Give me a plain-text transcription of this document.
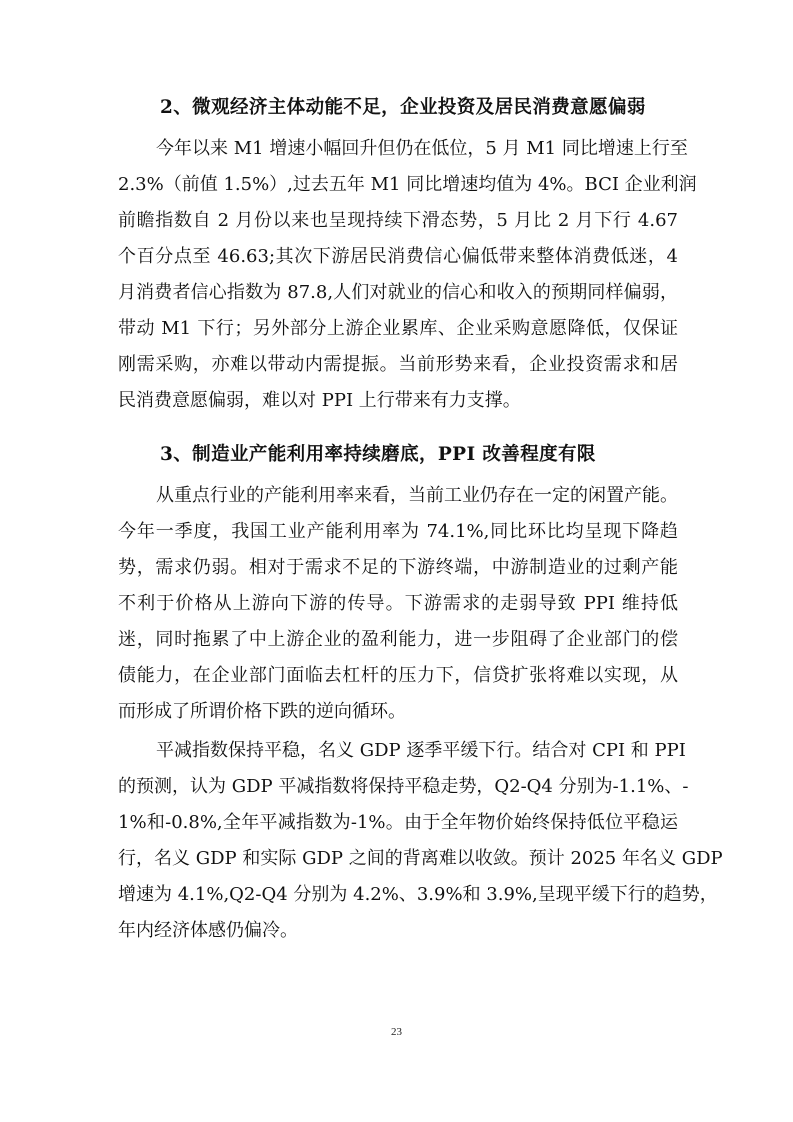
2、微观经济主体动能不足，企业投资及居民消费意愿偏弱
今年以来 M1 增速小幅回升但仍在低位，5 月 M1 同比增速上行至
2.3%（前值 1.5%）,过去五年 M1 同比增速均值为 4%。BCI 企业利润
前瞻指数自 2 月份以来也呈现持续下滑态势，5 月比 2 月下行 4.67
个百分点至 46.63;其次下游居民消费信心偏低带来整体消费低迷，4
月消费者信心指数为 87.8,人们对就业的信心和收入的预期同样偏弱，
带动 M1 下行；另外部分上游企业累库、企业采购意愿降低，仅保证
刚需采购，亦难以带动内需提振。当前形势来看，企业投资需求和居
民消费意愿偏弱，难以对 PPI 上行带来有力支撑。
3、制造业产能利用率持续磨底，PPI 改善程度有限
从重点行业的产能利用率来看，当前工业仍存在一定的闲置产能。
今年一季度，我国工业产能利用率为 74.1%,同比环比均呈现下降趋
势，需求仍弱。相对于需求不足的下游终端，中游制造业的过剩产能
不利于价格从上游向下游的传导。下游需求的走弱导致 PPI 维持低
迷，同时拖累了中上游企业的盈利能力，进一步阻碍了企业部门的偿
债能力，在企业部门面临去杠杆的压力下，信贷扩张将难以实现，从
而形成了所谓价格下跌的逆向循环。
平减指数保持平稳，名义 GDP 逐季平缓下行。结合对 CPI 和 PPI
的预测，认为 GDP 平减指数将保持平稳走势，Q2-Q4 分别为-1.1%、-
1%和-0.8%,全年平减指数为-1%。由于全年物价始终保持低位平稳运
行，名义 GDP 和实际 GDP 之间的背离难以收敛。预计 2025 年名义 GDP
增速为 4.1%,Q2-Q4 分别为 4.2%、3.9%和 3.9%,呈现平缓下行的趋势，
年内经济体感仍偏冷。
23
